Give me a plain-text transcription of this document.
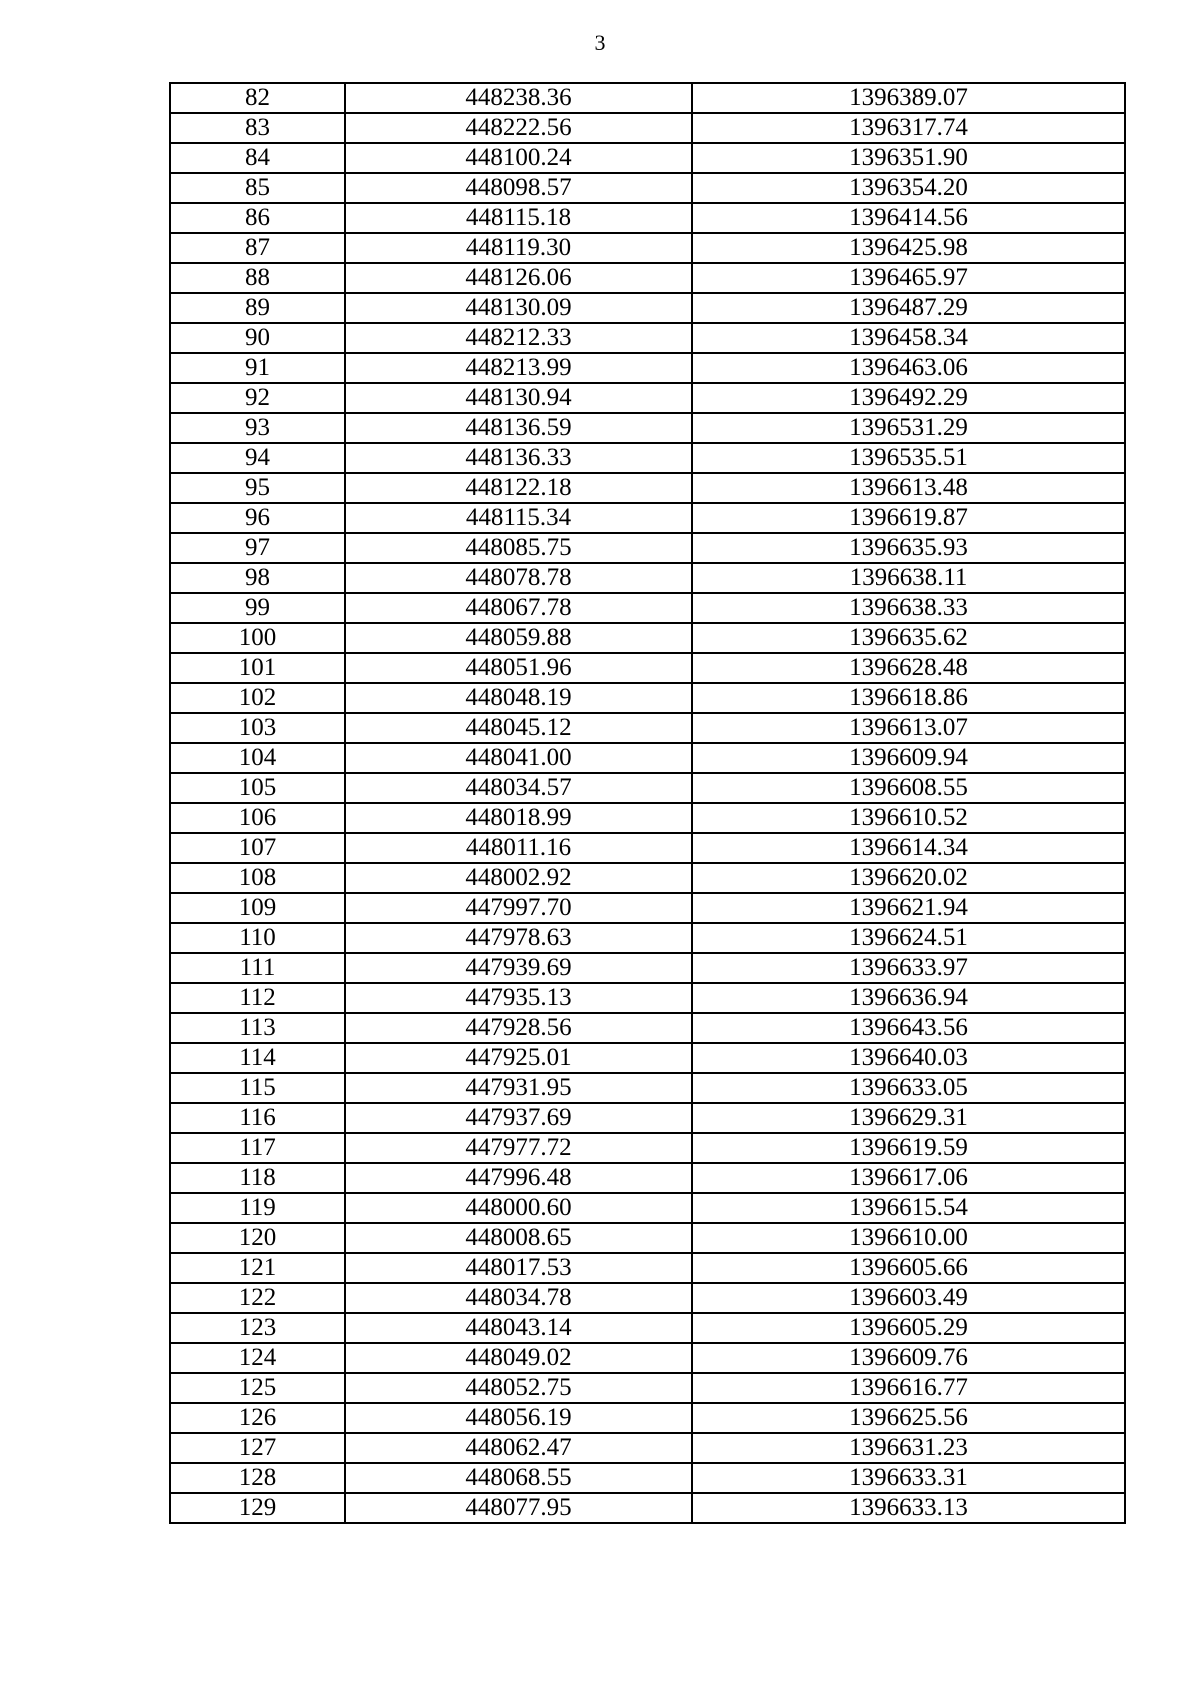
3
82	448238.36	1396389.07
83	448222.56	1396317.74
84	448100.24	1396351.90
85	448098.57	1396354.20
86	448115.18	1396414.56
87	448119.30	1396425.98
88	448126.06	1396465.97
89	448130.09	1396487.29
90	448212.33	1396458.34
91	448213.99	1396463.06
92	448130.94	1396492.29
93	448136.59	1396531.29
94	448136.33	1396535.51
95	448122.18	1396613.48
96	448115.34	1396619.87
97	448085.75	1396635.93
98	448078.78	1396638.11
99	448067.78	1396638.33
100	448059.88	1396635.62
101	448051.96	1396628.48
102	448048.19	1396618.86
103	448045.12	1396613.07
104	448041.00	1396609.94
105	448034.57	1396608.55
106	448018.99	1396610.52
107	448011.16	1396614.34
108	448002.92	1396620.02
109	447997.70	1396621.94
110	447978.63	1396624.51
111	447939.69	1396633.97
112	447935.13	1396636.94
113	447928.56	1396643.56
114	447925.01	1396640.03
115	447931.95	1396633.05
116	447937.69	1396629.31
117	447977.72	1396619.59
118	447996.48	1396617.06
119	448000.60	1396615.54
120	448008.65	1396610.00
121	448017.53	1396605.66
122	448034.78	1396603.49
123	448043.14	1396605.29
124	448049.02	1396609.76
125	448052.75	1396616.77
126	448056.19	1396625.56
127	448062.47	1396631.23
128	448068.55	1396633.31
129	448077.95	1396633.13
